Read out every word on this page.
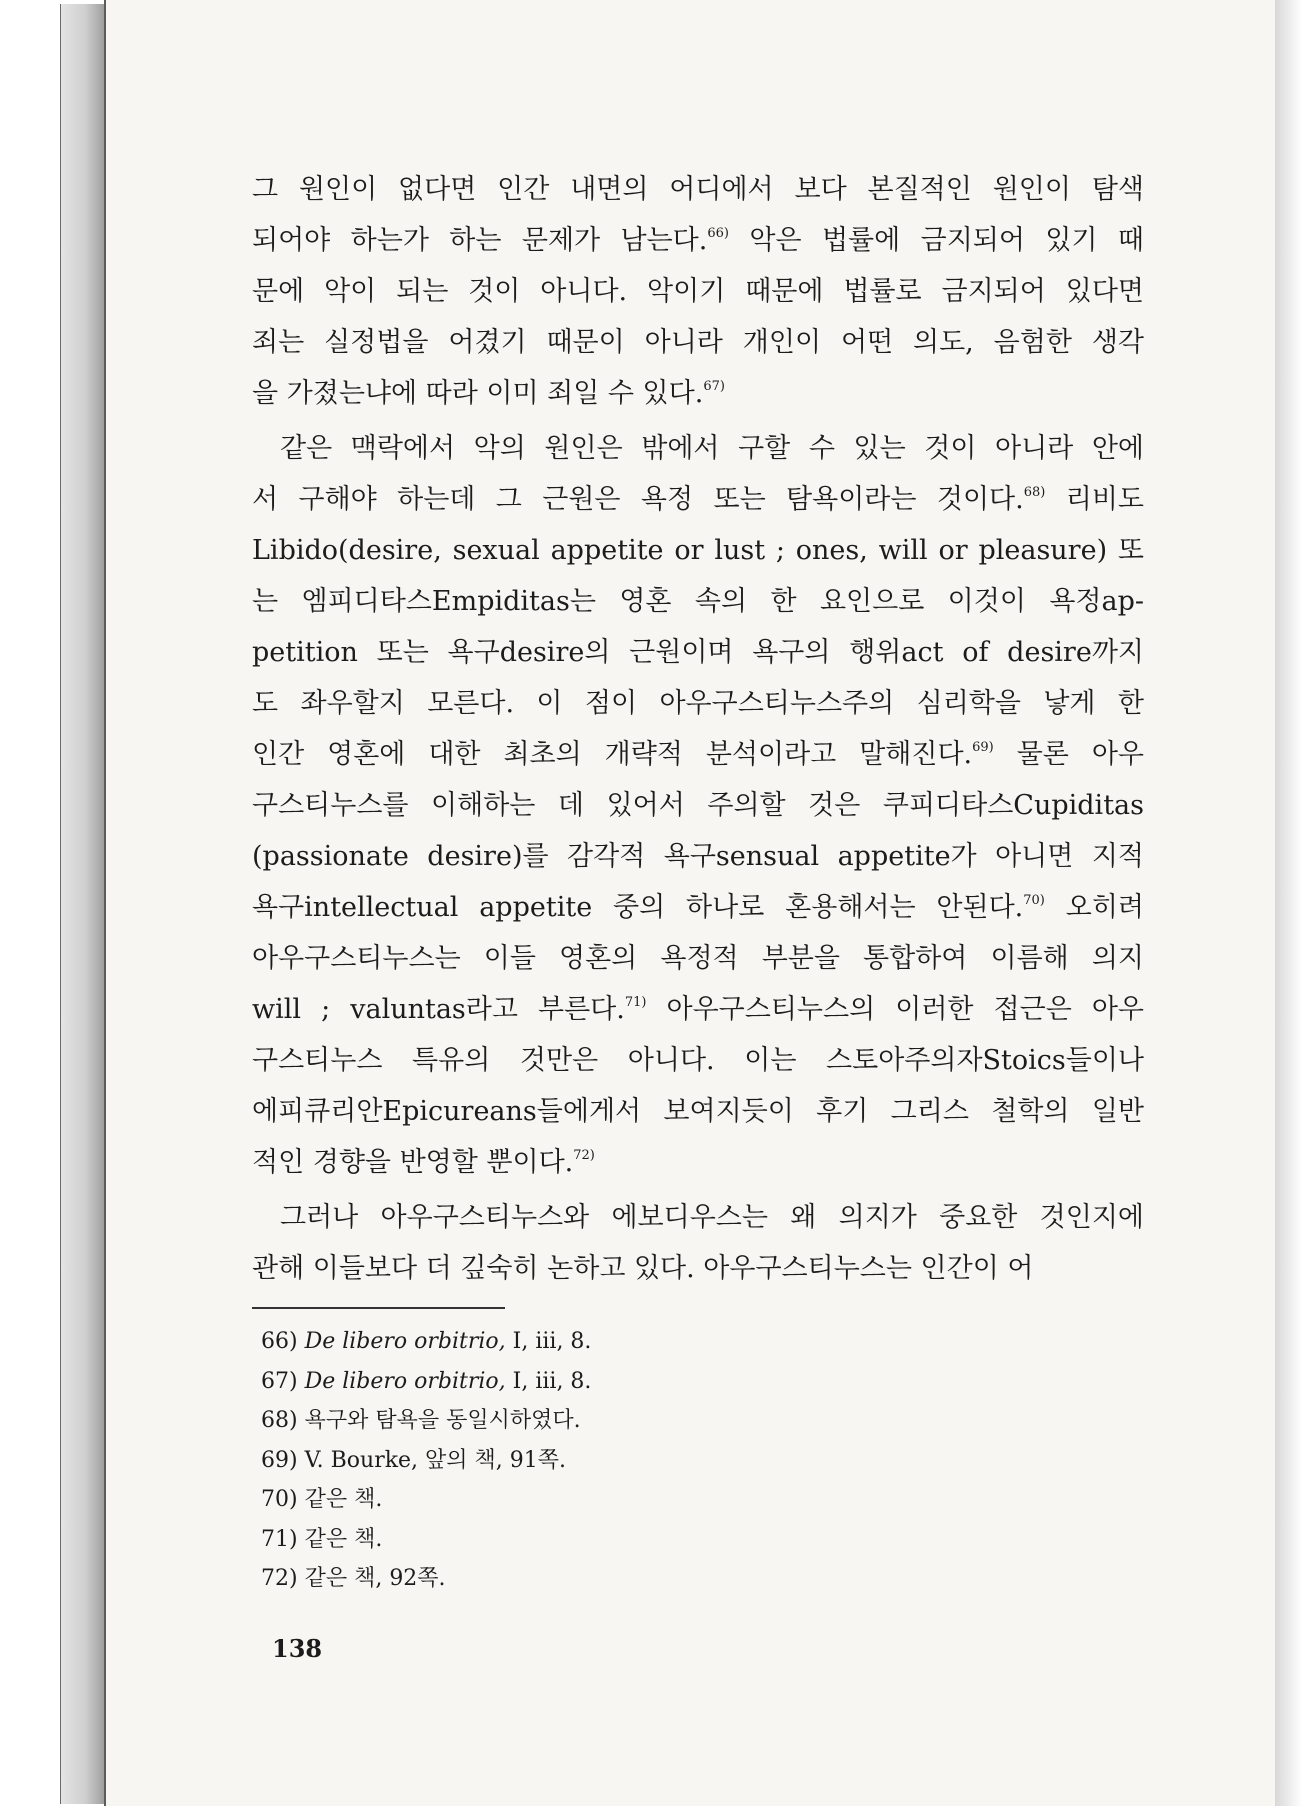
그 원인이 없다면 인간 내면의 어디에서 보다 본질적인 원인이 탐색
되어야 하는가 하는 문제가 남는다.$^{66)}$ 악은 법률에 금지되어 있기 때
문에 악이 되는 것이 아니다. 악이기 때문에 법률로 금지되어 있다면
죄는 실정법을 어겼기 때문이 아니라 개인이 어떤 의도, 음험한 생각
을 가졌는냐에 따라 이미 죄일 수 있다.$^{67)}$
같은 맥락에서 악의 원인은 밖에서 구할 수 있는 것이 아니라 안에
서 구해야 하는데 그 근원은 욕정 또는 탐욕이라는 것이다.$^{68)}$ 리비도
Libido(desire, sexual appetite or lust ; ones, will or pleasure) 또
는 엠피디타스Empiditas는 영혼 속의 한 요인으로 이것이 욕정ap-
petition 또는 욕구desire의 근원이며 욕구의 행위act of desire까지
도 좌우할지 모른다. 이 점이 아우구스티누스주의 심리학을 낳게 한
인간 영혼에 대한 최초의 개략적 분석이라고 말해진다.$^{69)}$ 물론 아우
구스티누스를 이해하는 데 있어서 주의할 것은 쿠피디타스Cupiditas
(passionate desire)를 감각적 욕구sensual appetite가 아니면 지적
욕구intellectual appetite 중의 하나로 혼용해서는 안된다.$^{70)}$ 오히려
아우구스티누스는 이들 영혼의 욕정적 부분을 통합하여 이름해 의지
will ; valuntas라고 부른다.$^{71)}$ 아우구스티누스의 이러한 접근은 아우
구스티누스 특유의 것만은 아니다. 이는 스토아주의자Stoics들이나
에피큐리안Epicureans들에게서 보여지듯이 후기 그리스 철학의 일반
적인 경향을 반영할 뿐이다.$^{72)}$
그러나 아우구스티누스와 에보디우스는 왜 의지가 중요한 것인지에
관해 이들보다 더 깊숙히 논하고 있다. 아우구스티누스는 인간이 어
66) De libero orbitrio, Ⅰ, iii, 8.
67) De libero orbitrio, Ⅰ, iii, 8.
68) 욕구와 탐욕을 동일시하였다.
69) V. Bourke, 앞의 책, 91쪽.
70) 같은 책.
71) 같은 책.
72) 같은 책, 92쪽.
138
